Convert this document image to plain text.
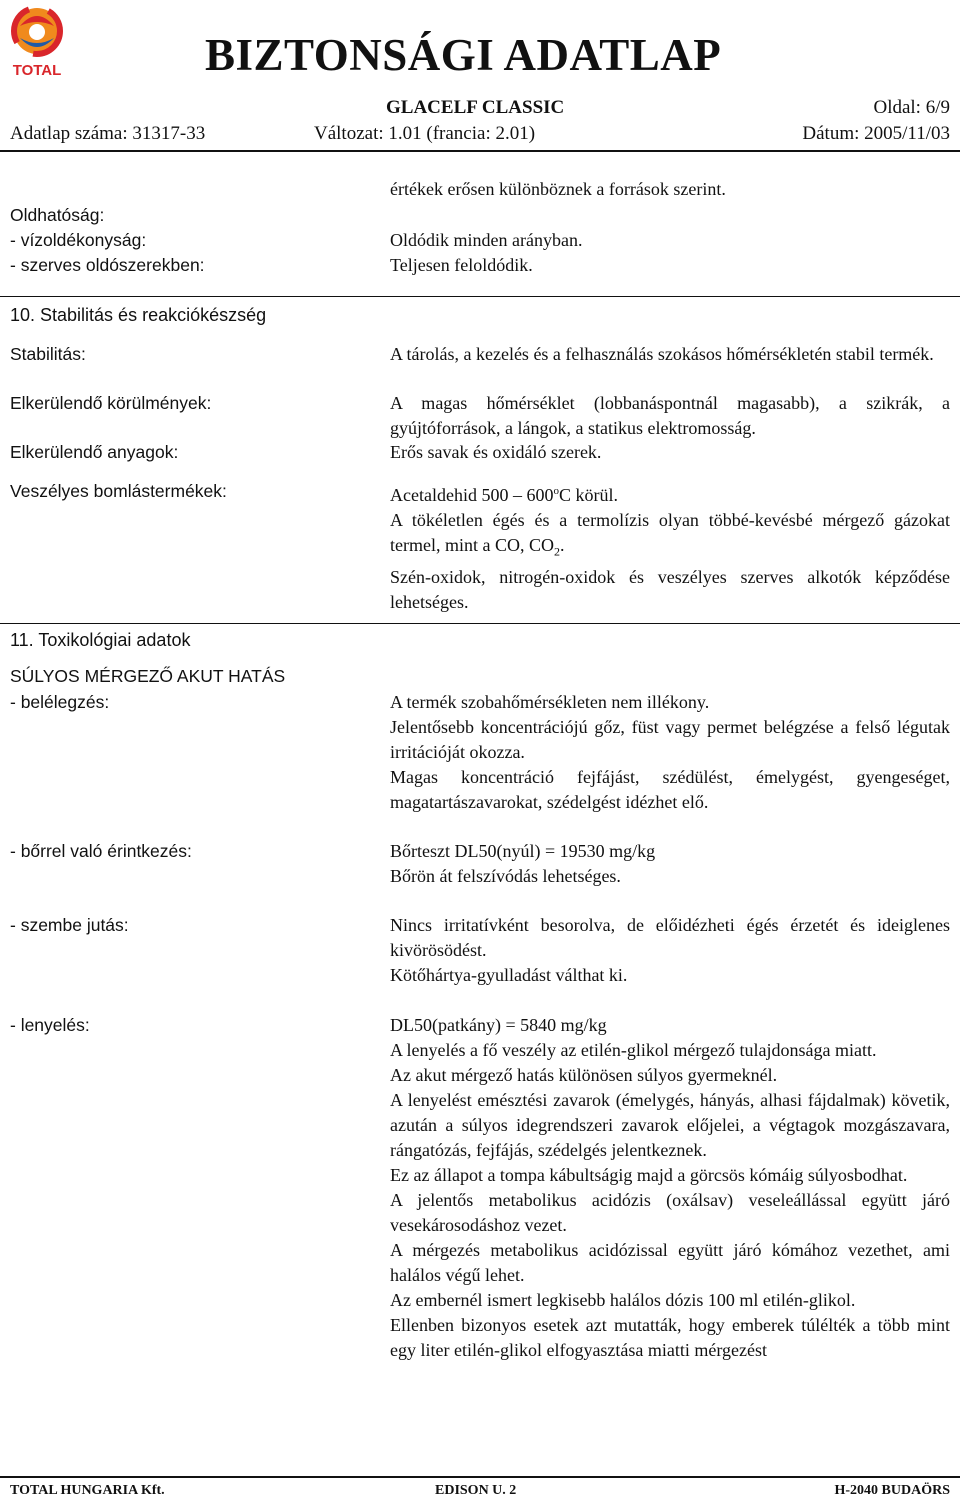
TOTAL	BIZTONSÁGI ADATLAP
GLACELF CLASSIC	Oldal: 6/9
Adatlap száma: 31317-33	Változat: 1.01 (francia: 2.01)	Dátum: 2005/11/03
értékek erősen különböznek a források szerint.
Oldhatóság:
- vízoldékonyság:	Oldódik minden arányban.
- szerves oldószerekben:	Teljesen feloldódik.
10. Stabilitás és reakciókészség
Stabilitás:	A tárolás, a kezelés és a felhasználás szokásos hőmérsékletén stabil termék.
Elkerülendő körülmények:	A magas hőmérséklet (lobbanáspontnál magasabb), a szikrák, a gyújtóforrások, a lángok, a statikus elektromosság.
Elkerülendő anyagok:	Erős savak és oxidáló szerek.
Veszélyes bomlástermékek:	Acetaldehid 500 – 600$^o$C körül.

A tökéletlen égés és a termolízis olyan többé-kevésbé mérgező gázokat termel, mint a CO, $CO_2$.

Szén-oxidok, nitrogén-oxidok és veszélyes szerves alkotók képződése lehetséges.

11. Toxikológiai adatok
SÚLYOS MÉRGEZŐ AKUT HATÁS
- belélegzés:	A termék szobahőmérsékleten nem illékony.

Jelentősebb koncentrációjú gőz, füst vagy permet belégzése a felső légutak irritációját okozza.

Magas koncentráció fejfájást, szédülést, émelygést, gyengeséget, magatartászavarokat, szédelgést idézhet elő.

- bőrrel való érintkezés:	Bőrteszt DL50(nyúl) = 19530 mg/kg

Bőrön át felszívódás lehetséges.

- szembe jutás:	Nincs irritatívként besorolva, de előidézheti égés érzetét és ideiglenes kivörösödést.

Kötőhártya-gyulladást válthat ki.

- lenyelés:	DL50(patkány) = 5840 mg/kg

A lenyelés a fő veszély az etilén-glikol mérgező tulajdonsága miatt.

Az akut mérgező hatás különösen súlyos gyermeknél.

A lenyelést emésztési zavarok (émelygés, hányás, alhasi fájdalmak) követik, azután a súlyos idegrendszeri zavarok előjelei, a végtagok mozgászavara, rángatózás, fejfájás, szédelgés jelentkeznek.

Ez az állapot a tompa kábultságig majd a görcsös kómáig súlyosbodhat.

A jelentős metabolikus acidózis (oxálsav) veseleállással együtt járó vesekárosodáshoz vezet.

A mérgezés metabolikus acidózissal együtt járó kómához vezethet, ami halálos végű lehet.

Az embernél ismert legkisebb halálos dózis 100 ml etilén-glikol.

Ellenben bizonyos esetek azt mutatták, hogy emberek túlélték a több mint egy liter etilén-glikol elfogyasztása miatti mérgezést

TOTAL HUNGARIA Kft.	EDISON U. 2	H-2040 BUDAÖRS
